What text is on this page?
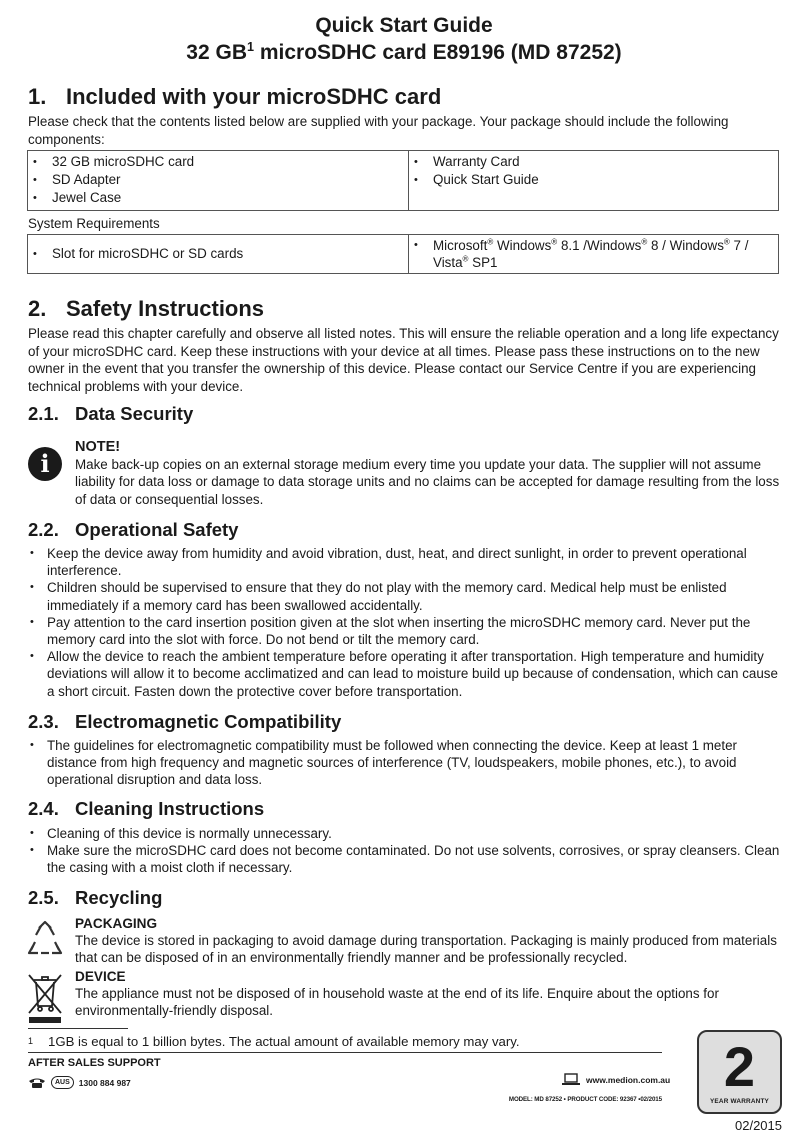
Quick Start Guide
32 $GB^1$ microSDHC card E89196 (MD 87252)
1. Included with your microSDHC card

Please check that the contents listed below are supplied with your package. Your package should include the following components:

• 32 GB microSDHC card
• SD Adapter
• Jewel Case

• Warranty Card
• Quick Start Guide

System Requirements

• Slot for microSDHC or SD cards

• Microsoft® Windows® 8.1 /Windows® 8 / Windows® 7 / Vista® SP1
2. Safety Instructions

Please read this chapter carefully and observe all listed notes. This will ensure the reliable operation and a long life expectancy of your microSDHC card. Keep these instructions with your device at all times. Please pass these instructions on to the new owner in the event that you transfer the ownership of this device. Please contact our Service Centre if you are experiencing technical problems with your device.

2.1. Data Security
i
NOTE!
Make back-up copies on an external storage medium every time you update your data. The supplier will not assume liability for data loss or damage to data storage units and no claims can be accepted for damage resulting from the loss of data or consequential losses.
2.2. Operational Safety
• Keep the device away from humidity and avoid vibration, dust, heat, and direct sunlight, in order to prevent operational interference.
• Children should be supervised to ensure that they do not play with the memory card. Medical help must be enlisted immediately if a memory card has been swallowed accidentally.
• Pay attention to the card insertion position given at the slot when inserting the microSDHC memory card. Never put the memory card into the slot with force. Do not bend or tilt the memory card.
• Allow the device to reach the ambient temperature before operating it after transportation. High temperature and humidity deviations will allow it to become acclimatized and can lead to moisture build up because of condensation, which can cause a short circuit. Fasten down the protective cover before transportation.
2.3. Electromagnetic Compatibility
• The guidelines for electromagnetic compatibility must be followed when connecting the device. Keep at least 1 meter distance from high frequency and magnetic sources of interference (TV, loudspeakers, mobile phones, etc.), to avoid operational disruption and data loss.
2.4. Cleaning Instructions
• Cleaning of this device is normally unnecessary.
• Make sure the microSDHC card does not become contaminated. Do not use solvents, corrosives, or spray cleansers. Clean the casing with a moist cloth if necessary.
2.5. Recycling
PACKAGING
The device is stored in packaging to avoid damage during transportation. Packaging is mainly produced from materials that can be disposed of in an environmentally friendly manner and be professionally recycled.
DEVICE
The appliance must not be disposed of in household waste at the end of its life. Enquire about the options for environmentally-friendly disposal.
1 1GB is equal to 1 billion bytes. The actual amount of available memory may vary.
AFTER SALES SUPPORT
AUS	1300 884 987	www.medion.com.au
MODEL: MD 87252 • PRODUCT CODE: 92367 •02/2015
2
YEAR WARRANTY
02/2015
